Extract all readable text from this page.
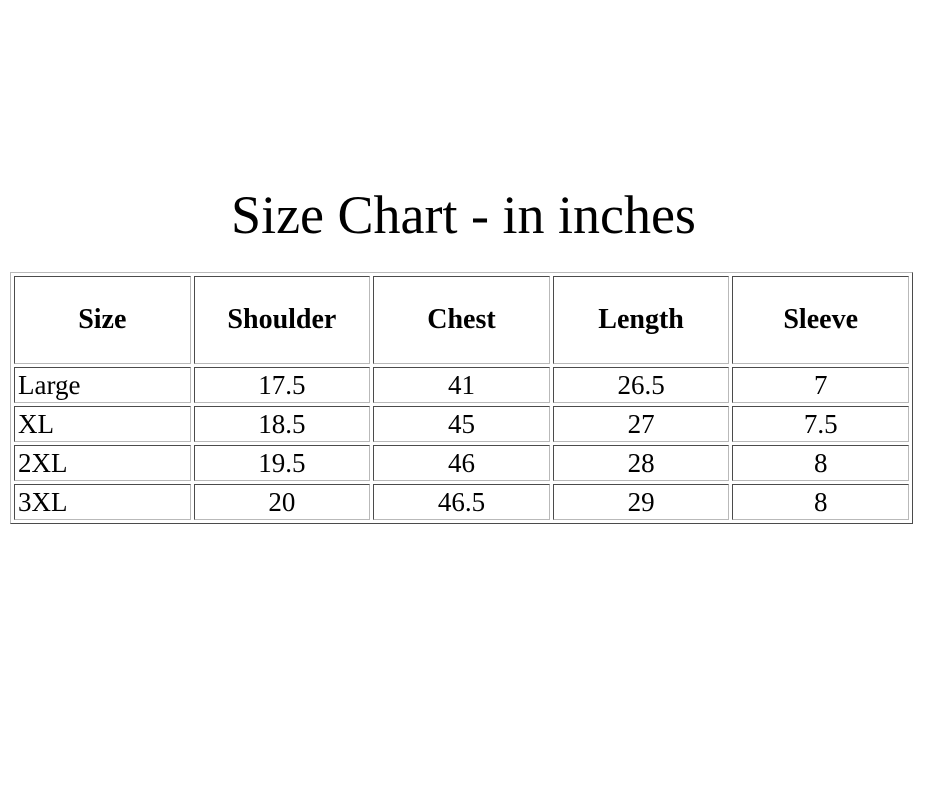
Size Chart - in inches
Size	Shoulder	Chest	Length	Sleeve
Large	17.5	41	26.5	7
XL	18.5	45	27	7.5
2XL	19.5	46	28	8
3XL	20	46.5	29	8
